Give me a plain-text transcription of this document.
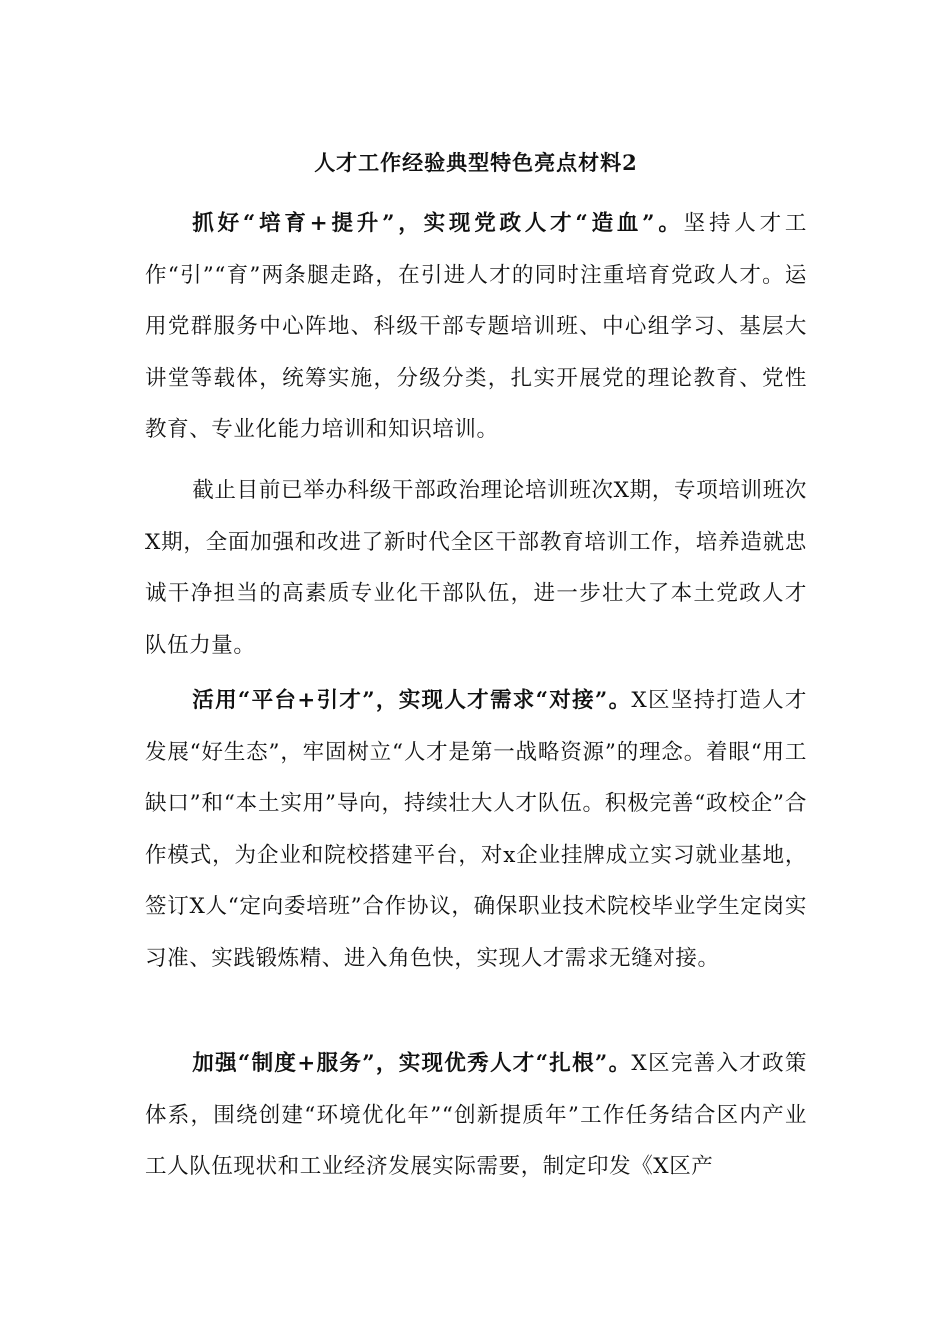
人才工作经验典型特色亮点材料2

抓好“培育+提升”，实现党政人才“造血”。坚持人才工作“引”“育”两条腿走路，在引进人才的同时注重培育党政人才。运用党群服务中心阵地、科级干部专题培训班、中心组学习、基层大讲堂等载体，统筹实施，分级分类，扎实开展党的理论教育、党性教育、专业化能力培训和知识培训。

截止目前已举办科级干部政治理论培训班次X期，专项培训班次X期，全面加强和改进了新时代全区干部教育培训工作，培养造就忠诚干净担当的高素质专业化干部队伍，进一步壮大了本土党政人才队伍力量。

活用“平台+引才”，实现人才需求“对接”。X区坚持打造人才发展“好生态”，牢固树立“人才是第一战略资源”的理念。着眼“用工缺口”和“本土实用”导向，持续壮大人才队伍。积极完善“政校企”合作模式，为企业和院校搭建平台，对x企业挂牌成立实习就业基地，签订X人“定向委培班”合作协议，确保职业技术院校毕业学生定岗实习准、实践锻炼精、进入角色快，实现人才需求无缝对接。

加强“制度+服务”，实现优秀人才“扎根”。X区完善入才政策体系，围绕创建“环境优化年”“创新提质年”工作任务结合区内产业工人队伍现状和工业经济发展实际需要，制定印发《X区产
